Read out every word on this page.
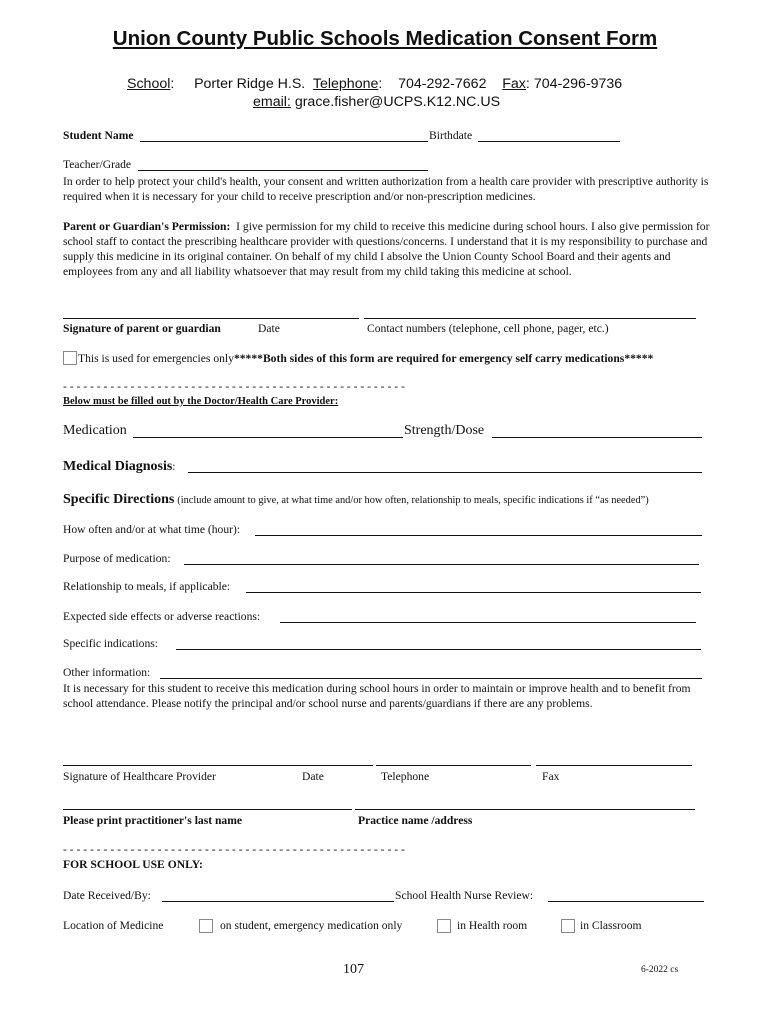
Union County Public Schools Medication Consent Form
School: Porter Ridge H.S. Telephone: 704-292-7662 Fax: 704-296-9736
email: grace.fisher@UCPS.K12.NC.US
Student Name	Birthdate
Teacher/Grade
In order to help protect your child's health, your consent and written authorization from a health care provider with prescriptive authority is required when it is necessary for your child to receive prescription and/or non-prescription medicines.
Parent or Guardian's Permission: I give permission for my child to receive this medicine during school hours. I also give permission for school staff to contact the prescribing healthcare provider with questions/concerns. I understand that it is my responsibility to purchase and supply this medicine in its original container. On behalf of my child I absolve the Union County School Board and their agents and employees from any and all liability whatsoever that may result from my child taking this medicine at school.
Signature of parent or guardian	Date	Contact numbers (telephone, cell phone, pager, etc.)
This is used for emergencies only*****Both sides of this form are required for emergency self carry medications*****
- - - - - - - - - - - - - - - - - - - - - - - - - - - - - - - - - - - - - - - - - - - - - - - - - - -
Below must be filled out by the Doctor/Health Care Provider:
Medication	Strength/Dose
Medical Diagnosis:
Specific Directions (include amount to give, at what time and/or how often, relationship to meals, specific indications if “as needed”)
How often and/or at what time (hour):
Purpose of medication:
Relationship to meals, if applicable:
Expected side effects or adverse reactions:
Specific indications:
Other information:
It is necessary for this student to receive this medication during school hours in order to maintain or improve health and to benefit from school attendance. Please notify the principal and/or school nurse and parents/guardians if there are any problems.
Signature of Healthcare Provider	Date	Telephone	Fax
Please print practitioner's last name	Practice name /address
- - - - - - - - - - - - - - - - - - - - - - - - - - - - - - - - - - - - - - - - - - - - - - - - - - -
FOR SCHOOL USE ONLY:
Date Received/By:	School Health Nurse Review:
Location of Medicine	on student, emergency medication only	in Health room	in Classroom
107	6-2022 cs
